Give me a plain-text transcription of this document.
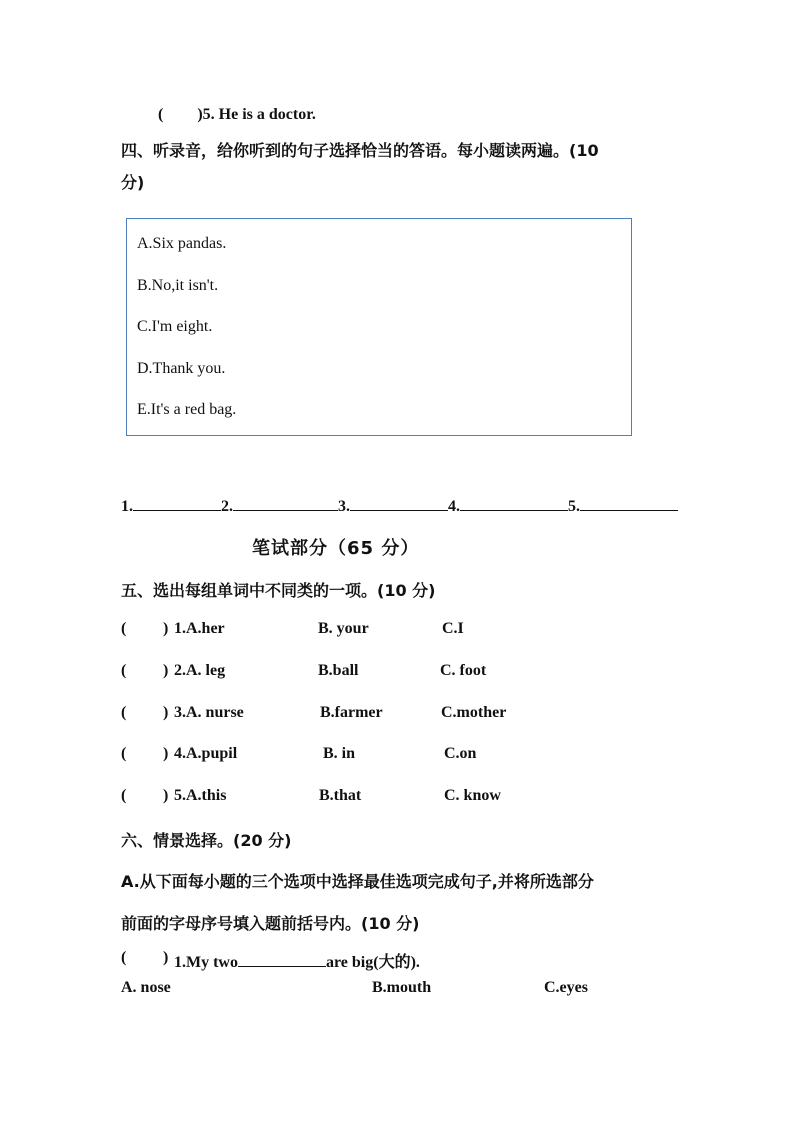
( )5. He is a doctor.
四、听录音，给你听到的句子选择恰当的答语。每小题读两遍。(10
分)
A.Six pandas.
B.No,it isn't.
C.I'm eight.
D.Thank you.
E.It's a red bag.
1.	2.	3.	4.	5.
笔试部分（65 分）
五、选出每组单词中不同类的一项。(10 分)
( ) 1.A.her	B. your	C.I
( ) 2.A. leg	B.ball	C. foot
( ) 3.A. nurse	B.farmer	C.mother
( ) 4.A.pupil	B. in	C.on
( ) 5.A.this	B.that	C. know
六、情景选择。(20 分)
A.从下面每小题的三个选项中选择最佳选项完成句子,并将所选部分
前面的字母序号填入题前括号内。(10 分)
( ) 1.My two	are big(大的).
A. nose	B.mouth	C.eyes
